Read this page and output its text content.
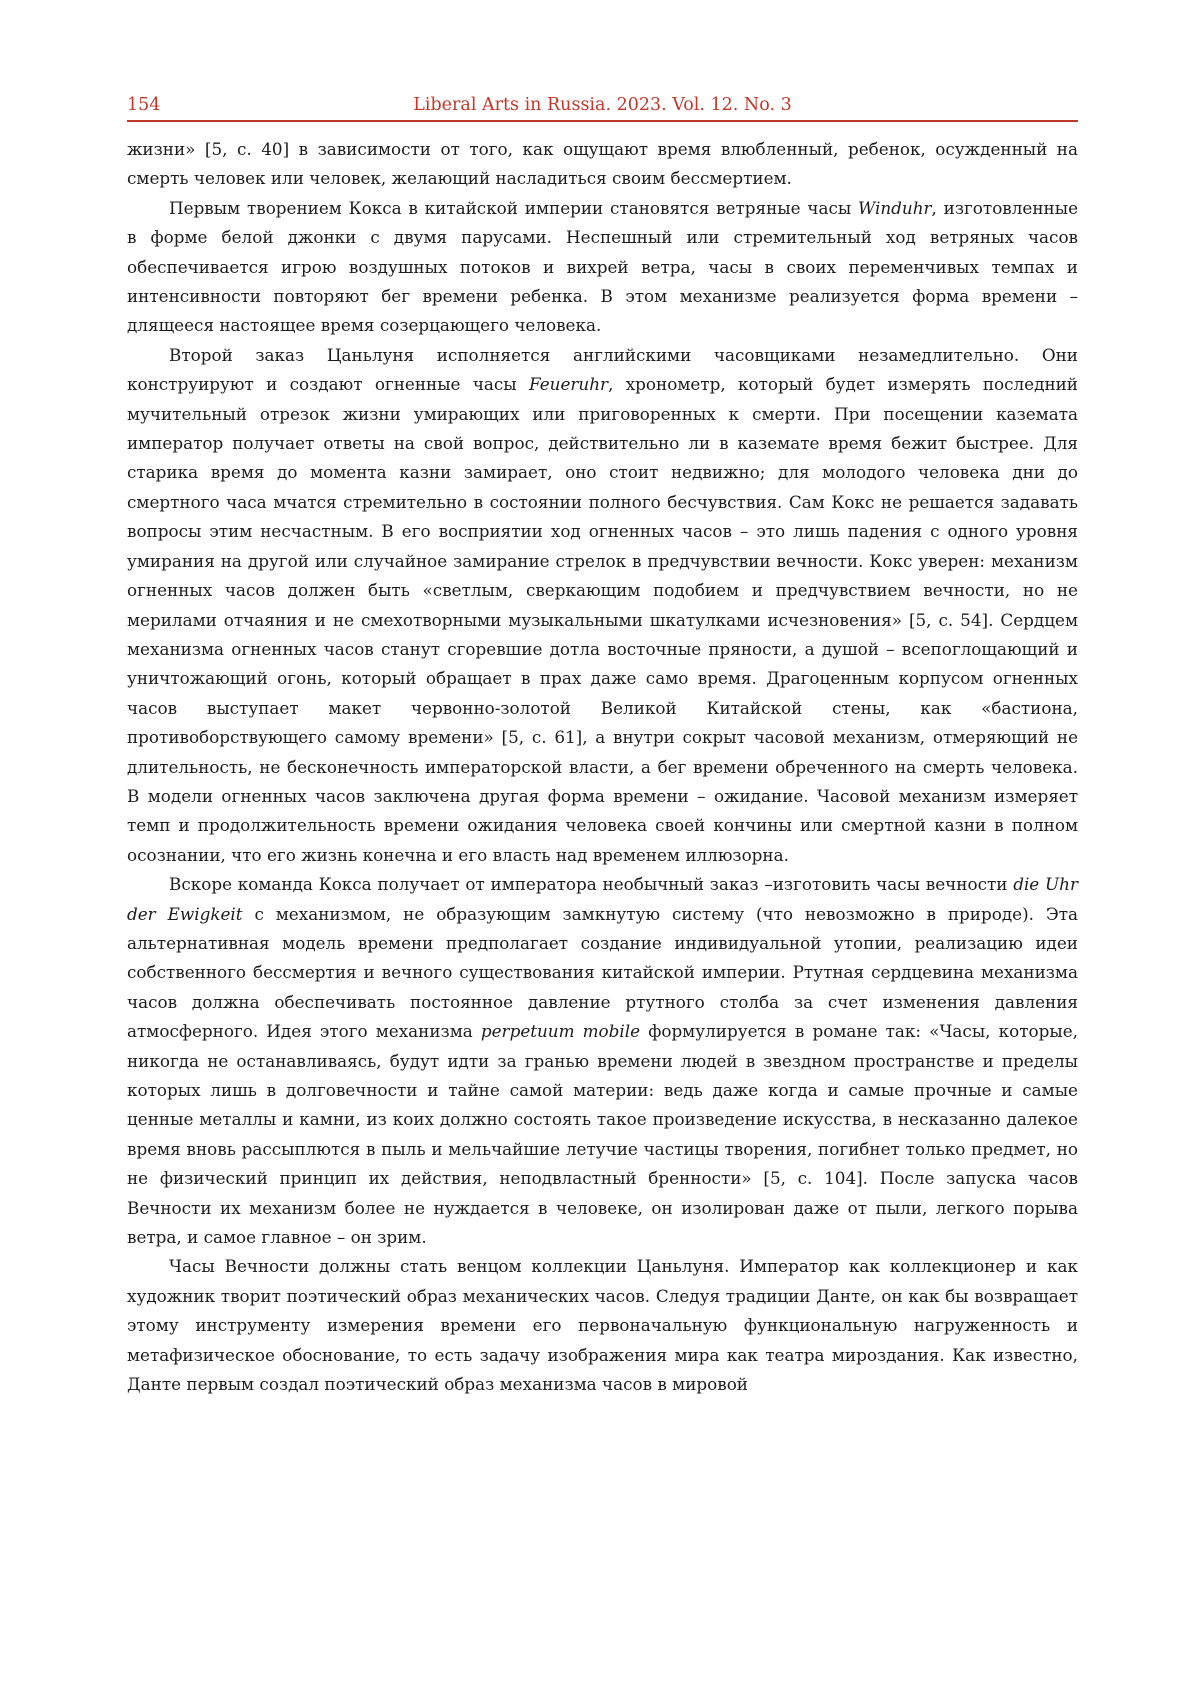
154	Liberal Arts in Russia. 2023. Vol. 12. No. 3

жизни» [5, с. 40] в зависимости от того, как ощущают время влюбленный, ребенок, осужденный на смерть человек или человек, желающий насладиться своим бессмертием.

Первым творением Кокса в китайской империи становятся ветряные часы Winduhr, изготовленные в форме белой джонки с двумя парусами. Неспешный или стремительный ход ветряных часов обеспечивается игрою воздушных потоков и вихрей ветра, часы в своих переменчивых темпах и интенсивности повторяют бег времени ребенка. В этом механизме реализуется форма времени – длящееся настоящее время созерцающего человека.

Второй заказ Цаньлуня исполняется английскими часовщиками незамедлительно. Они конструируют и создают огненные часы Feueruhr, хронометр, который будет измерять последний мучительный отрезок жизни умирающих или приговоренных к смерти. При посещении каземата император получает ответы на свой вопрос, действительно ли в каземате время бежит быстрее. Для старика время до момента казни замирает, оно стоит недвижно; для молодого человека дни до смертного часа мчатся стремительно в состоянии полного бесчувствия. Сам Кокс не решается задавать вопросы этим несчастным. В его восприятии ход огненных часов – это лишь падения с одного уровня умирания на другой или случайное замирание стрелок в предчувствии вечности. Кокс уверен: механизм огненных часов должен быть «светлым, сверкающим подобием и предчувствием вечности, но не мерилами отчаяния и не смехотворными музыкальными шкатулками исчезновения» [5, с. 54]. Сердцем механизма огненных часов станут сгоревшие дотла восточные пряности, а душой – всепоглощающий и уничтожающий огонь, который обращает в прах даже само время. Драгоценным корпусом огненных часов выступает макет червонно-золотой Великой Китайской стены, как «бастиона, противоборствующего самому времени» [5, с. 61], а внутри сокрыт часовой механизм, отмеряющий не длительность, не бесконечность императорской власти, а бег времени обреченного на смерть человека. В модели огненных часов заключена другая форма времени – ожидание. Часовой механизм измеряет темп и продолжительность времени ожидания человека своей кончины или смертной казни в полном осознании, что его жизнь конечна и его власть над временем иллюзорна.

Вскоре команда Кокса получает от императора необычный заказ –изготовить часы вечности die Uhr der Ewigkeit с механизмом, не образующим замкнутую систему (что невозможно в природе). Эта альтернативная модель времени предполагает создание индивидуальной утопии, реализацию идеи собственного бессмертия и вечного существования китайской империи. Ртутная сердцевина механизма часов должна обеспечивать постоянное давление ртутного столба за счет изменения давления атмосферного. Идея этого механизма perpetuum mobile формулируется в романе так: «Часы, которые, никогда не останавливаясь, будут идти за гранью времени людей в звездном пространстве и пределы которых лишь в долговечности и тайне самой материи: ведь даже когда и самые прочные и самые ценные металлы и камни, из коих должно состоять такое произведение искусства, в несказанно далекое время вновь рассыплются в пыль и мельчайшие летучие частицы творения, погибнет только предмет, но не физический принцип их действия, неподвластный бренности» [5, с. 104]. После запуска часов Вечности их механизм более не нуждается в человеке, он изолирован даже от пыли, легкого порыва ветра, и самое главное – он зрим.

Часы Вечности должны стать венцом коллекции Цаньлуня. Император как коллекционер и как художник творит поэтический образ механических часов. Следуя традиции Данте, он как бы возвращает этому инструменту измерения времени его первоначальную функциональную нагруженность и метафизическое обоснование, то есть задачу изображения мира как театра мироздания. Как известно, Данте первым создал поэтический образ механизма часов в мировой
